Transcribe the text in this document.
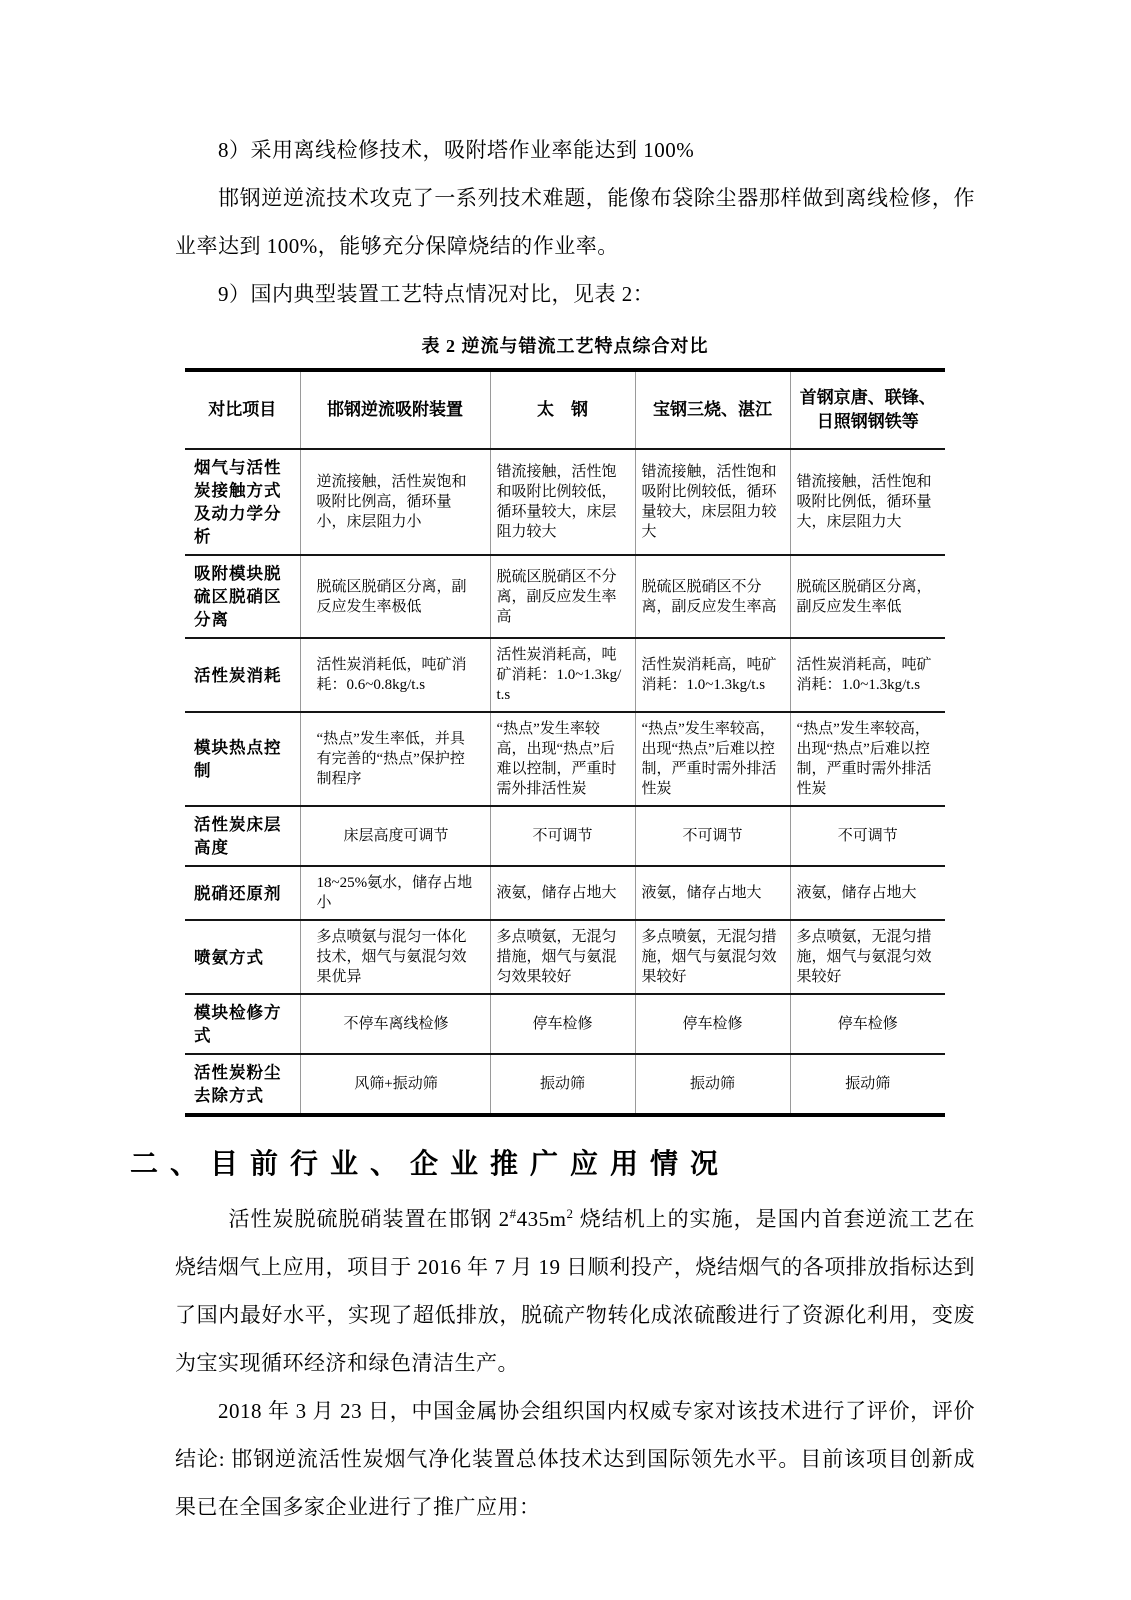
8）采用离线检修技术，吸附塔作业率能达到 100%

邯钢逆逆流技术攻克了一系列技术难题，能像布袋除尘器那样做到离线检修，作业率达到 100%，能够充分保障烧结的作业率。

9）国内典型装置工艺特点情况对比，见表 2：

表 2 逆流与错流工艺特点综合对比
对比项目	邯钢逆流吸附装置	太　钢	宝钢三烧、湛江	首钢京唐、联锋、日照钢钢铁等
烟气与活性炭接触方式及动力学分析	逆流接触，活性炭饱和吸附比例高，循环量小，床层阻力小	错流接触，活性饱和吸附比例较低，循环量较大，床层阻力较大	错流接触，活性饱和吸附比例较低，循环量较大，床层阻力较大	错流接触，活性饱和吸附比例低，循环量大，床层阻力大
吸附模块脱硫区脱硝区分离	脱硫区脱硝区分离，副反应发生率极低	脱硫区脱硝区不分离，副反应发生率高	脱硫区脱硝区不分离，副反应发生率高	脱硫区脱硝区分离，副反应发生率低
活性炭消耗	活性炭消耗低，吨矿消耗：0.6~0.8kg/t.s	活性炭消耗高，吨矿消耗：1.0~1.3kg/t.s	活性炭消耗高，吨矿消耗：1.0~1.3kg/t.s	活性炭消耗高，吨矿消耗：1.0~1.3kg/t.s
模块热点控制	“热点”发生率低，并具有完善的“热点”保护控制程序	“热点”发生率较高，出现“热点”后难以控制，严重时需外排活性炭	“热点”发生率较高，出现“热点”后难以控制，严重时需外排活性炭	“热点”发生率较高，出现“热点”后难以控制，严重时需外排活性炭
活性炭床层高度	床层高度可调节	不可调节	不可调节	不可调节
脱硝还原剂	18~25%氨水，储存占地小	液氨，储存占地大	液氨，储存占地大	液氨，储存占地大
喷氨方式	多点喷氨与混匀一体化技术，烟气与氨混匀效果优异	多点喷氨，无混匀措施，烟气与氨混匀效果较好	多点喷氨，无混匀措施，烟气与氨混匀效果较好	多点喷氨，无混匀措施，烟气与氨混匀效果较好
模块检修方式	不停车离线检修	停车检修	停车检修	停车检修
活性炭粉尘去除方式	风筛+振动筛	振动筛	振动筛	振动筛
二、目前行业、企业推广应用情况

活性炭脱硫脱硝装置在邯钢 $2^{\#}435m^2$ 烧结机上的实施，是国内首套逆流工艺在烧结烟气上应用，项目于 2016 年 7 月 19 日顺利投产，烧结烟气的各项排放指标达到了国内最好水平，实现了超低排放，脱硫产物转化成浓硫酸进行了资源化利用，变废为宝实现循环经济和绿色清洁生产。

2018 年 3 月 23 日，中国金属协会组织国内权威专家对该技术进行了评价，评价结论: 邯钢逆流活性炭烟气净化装置总体技术达到国际领先水平。目前该项目创新成果已在全国多家企业进行了推广应用：
